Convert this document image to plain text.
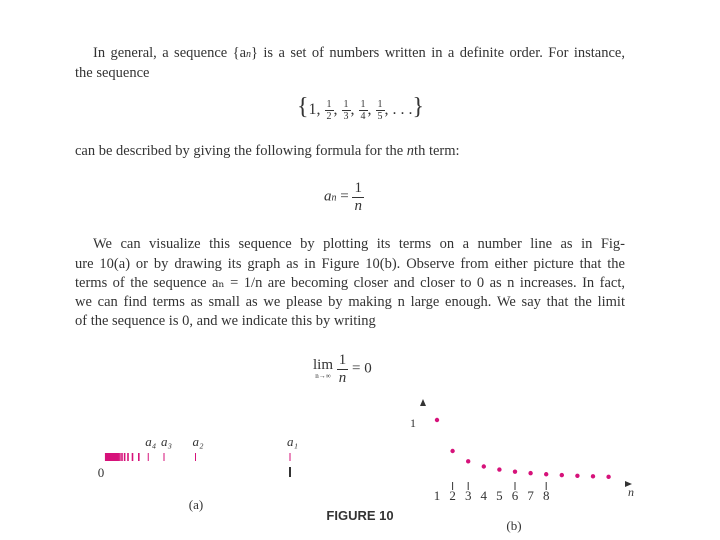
In general, a sequence {an} is a set of numbers written in a definite order. For instance,
the sequence
{1, $\frac{1}{2}$ , $\frac{1}{3}$ , $\frac{1}{4}$ , $\frac{1}{5}$ , . . .}
can be described by giving the following formula for the nth term:
an = $\frac{1}{n}$
We can visualize this sequence by plotting its terms on a number line as in Fig-
ure 10(a) or by drawing its graph as in Figure 10(b). Observe from either picture that the
terms of the sequence aₙ = 1/n are becoming closer and closer to 0 as n increases. In fact,
we can find terms as small as we please by making n large enough. We say that the limit
of the sequence is 0, and we indicate this by writing
lim
n→∞
$\frac{1}{n} = 0$
a₁
a₂
a₃
a₄
1 2 3 4 5 6 7 8
0
(a)
FIGURE 10
(b)
1
n
